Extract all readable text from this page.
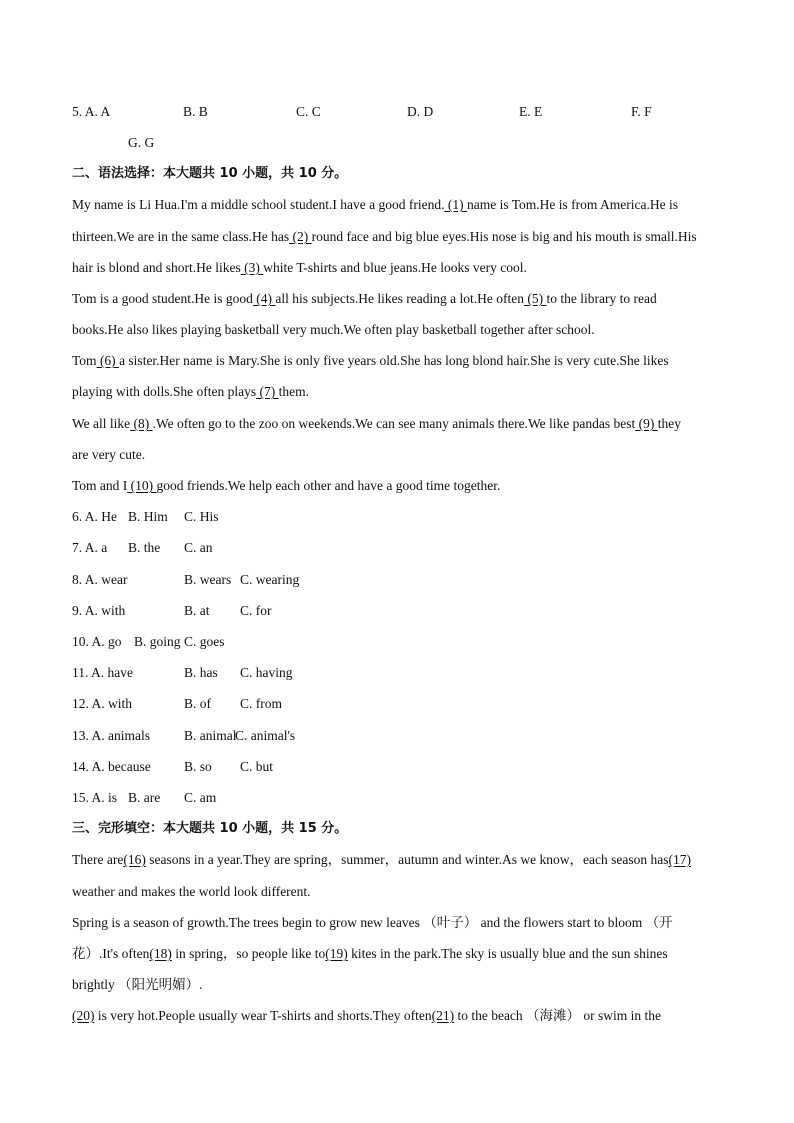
5. A. A	B. B	C. C	D. D	E. E	F. F
G. G
二、语法选择：本大题共 10 小题，共 10 分。
My name is Li Hua.I'm a middle school student.I have a good friend. (1) name is Tom.He is from America.He is
thirteen.We are in the same class.He has (2) round face and big blue eyes.His nose is big and his mouth is small.His
hair is blond and short.He likes (3) white T-shirts and blue jeans.He looks very cool.
Tom is a good student.He is good (4) all his subjects.He likes reading a lot.He often (5) to the library to read
books.He also likes playing basketball very much.We often play basketball together after school.
Tom (6) a sister.Her name is Mary.She is only five years old.She has long blond hair.She is very cute.She likes
playing with dolls.She often plays (7) them.
We all like (8) .We often go to the zoo on weekends.We can see many animals there.We like pandas best (9) they
are very cute.
Tom and I (10) good friends.We help each other and have a good time together.
6. A. He B. Him C. His
7. A. a B. the C. an
8. A. wear	B. wears C. wearing
9. A. with	B. at C. for
10. A. go B. going C. goes
11. A. have	B. has C. having
12. A. with	B. of C. from
13. A. animals	B. animal
C. animal's
14. A. because B. so C. but
15. A. is B. are C. am
三、完形填空：本大题共 10 小题，共 15 分。
There are(16) seasons in a year.They are spring，summer，autumn and winter.As we know，each season has(17)
weather and makes the world look different.
Spring is a season of growth.The trees begin to grow new leaves （叶子） and the flowers start to bloom （开
花）.It's often(18) in spring，so people like to(19) kites in the park.The sky is usually blue and the sun shines
brightly （阳光明媚）.
(20) is very hot.People usually wear T-shirts and shorts.They often(21) to the beach （海滩） or swim in the
